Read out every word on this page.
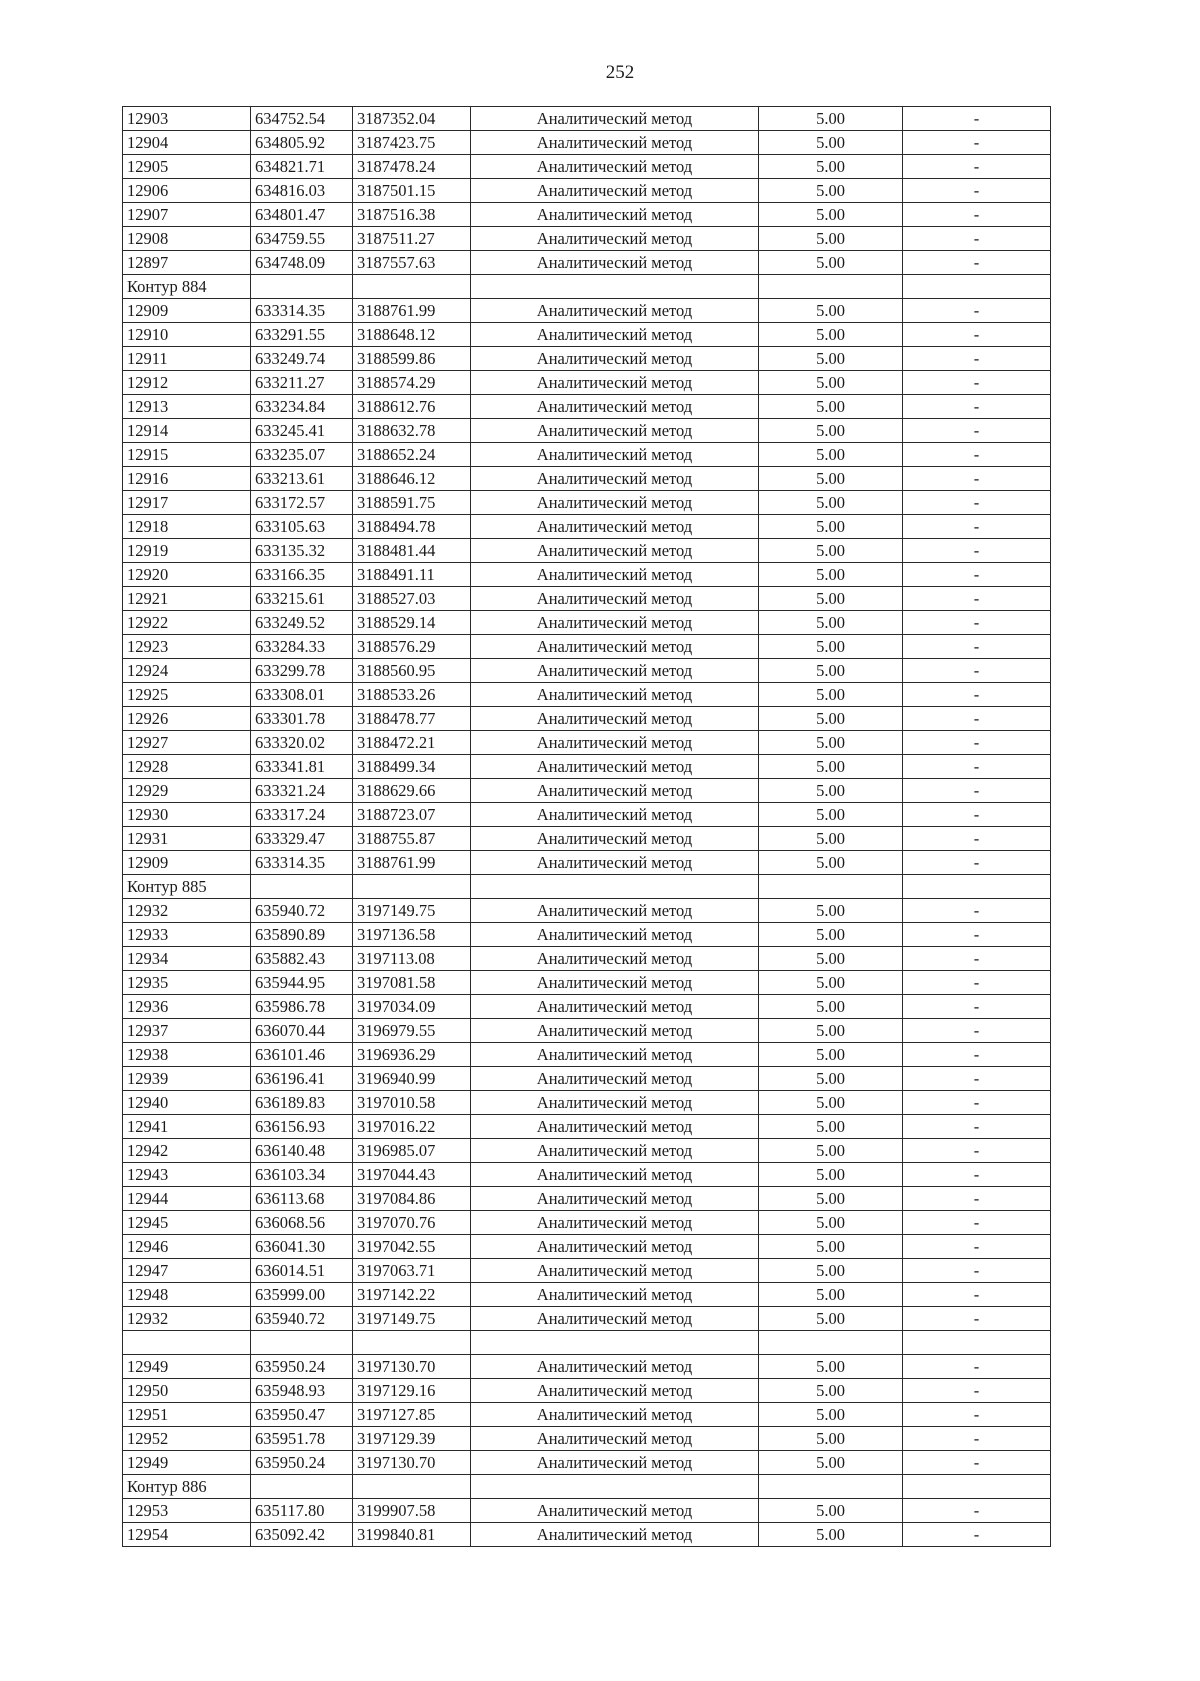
252
12903	634752.54	3187352.04	Аналитический метод	5.00	-
12904	634805.92	3187423.75	Аналитический метод	5.00	-
12905	634821.71	3187478.24	Аналитический метод	5.00	-
12906	634816.03	3187501.15	Аналитический метод	5.00	-
12907	634801.47	3187516.38	Аналитический метод	5.00	-
12908	634759.55	3187511.27	Аналитический метод	5.00	-
12897	634748.09	3187557.63	Аналитический метод	5.00	-
Контур 884					
12909	633314.35	3188761.99	Аналитический метод	5.00	-
12910	633291.55	3188648.12	Аналитический метод	5.00	-
12911	633249.74	3188599.86	Аналитический метод	5.00	-
12912	633211.27	3188574.29	Аналитический метод	5.00	-
12913	633234.84	3188612.76	Аналитический метод	5.00	-
12914	633245.41	3188632.78	Аналитический метод	5.00	-
12915	633235.07	3188652.24	Аналитический метод	5.00	-
12916	633213.61	3188646.12	Аналитический метод	5.00	-
12917	633172.57	3188591.75	Аналитический метод	5.00	-
12918	633105.63	3188494.78	Аналитический метод	5.00	-
12919	633135.32	3188481.44	Аналитический метод	5.00	-
12920	633166.35	3188491.11	Аналитический метод	5.00	-
12921	633215.61	3188527.03	Аналитический метод	5.00	-
12922	633249.52	3188529.14	Аналитический метод	5.00	-
12923	633284.33	3188576.29	Аналитический метод	5.00	-
12924	633299.78	3188560.95	Аналитический метод	5.00	-
12925	633308.01	3188533.26	Аналитический метод	5.00	-
12926	633301.78	3188478.77	Аналитический метод	5.00	-
12927	633320.02	3188472.21	Аналитический метод	5.00	-
12928	633341.81	3188499.34	Аналитический метод	5.00	-
12929	633321.24	3188629.66	Аналитический метод	5.00	-
12930	633317.24	3188723.07	Аналитический метод	5.00	-
12931	633329.47	3188755.87	Аналитический метод	5.00	-
12909	633314.35	3188761.99	Аналитический метод	5.00	-
Контур 885					
12932	635940.72	3197149.75	Аналитический метод	5.00	-
12933	635890.89	3197136.58	Аналитический метод	5.00	-
12934	635882.43	3197113.08	Аналитический метод	5.00	-
12935	635944.95	3197081.58	Аналитический метод	5.00	-
12936	635986.78	3197034.09	Аналитический метод	5.00	-
12937	636070.44	3196979.55	Аналитический метод	5.00	-
12938	636101.46	3196936.29	Аналитический метод	5.00	-
12939	636196.41	3196940.99	Аналитический метод	5.00	-
12940	636189.83	3197010.58	Аналитический метод	5.00	-
12941	636156.93	3197016.22	Аналитический метод	5.00	-
12942	636140.48	3196985.07	Аналитический метод	5.00	-
12943	636103.34	3197044.43	Аналитический метод	5.00	-
12944	636113.68	3197084.86	Аналитический метод	5.00	-
12945	636068.56	3197070.76	Аналитический метод	5.00	-
12946	636041.30	3197042.55	Аналитический метод	5.00	-
12947	636014.51	3197063.71	Аналитический метод	5.00	-
12948	635999.00	3197142.22	Аналитический метод	5.00	-
12932	635940.72	3197149.75	Аналитический метод	5.00	-

12949	635950.24	3197130.70	Аналитический метод	5.00	-
12950	635948.93	3197129.16	Аналитический метод	5.00	-
12951	635950.47	3197127.85	Аналитический метод	5.00	-
12952	635951.78	3197129.39	Аналитический метод	5.00	-
12949	635950.24	3197130.70	Аналитический метод	5.00	-
Контур 886					
12953	635117.80	3199907.58	Аналитический метод	5.00	-
12954	635092.42	3199840.81	Аналитический метод	5.00	-
